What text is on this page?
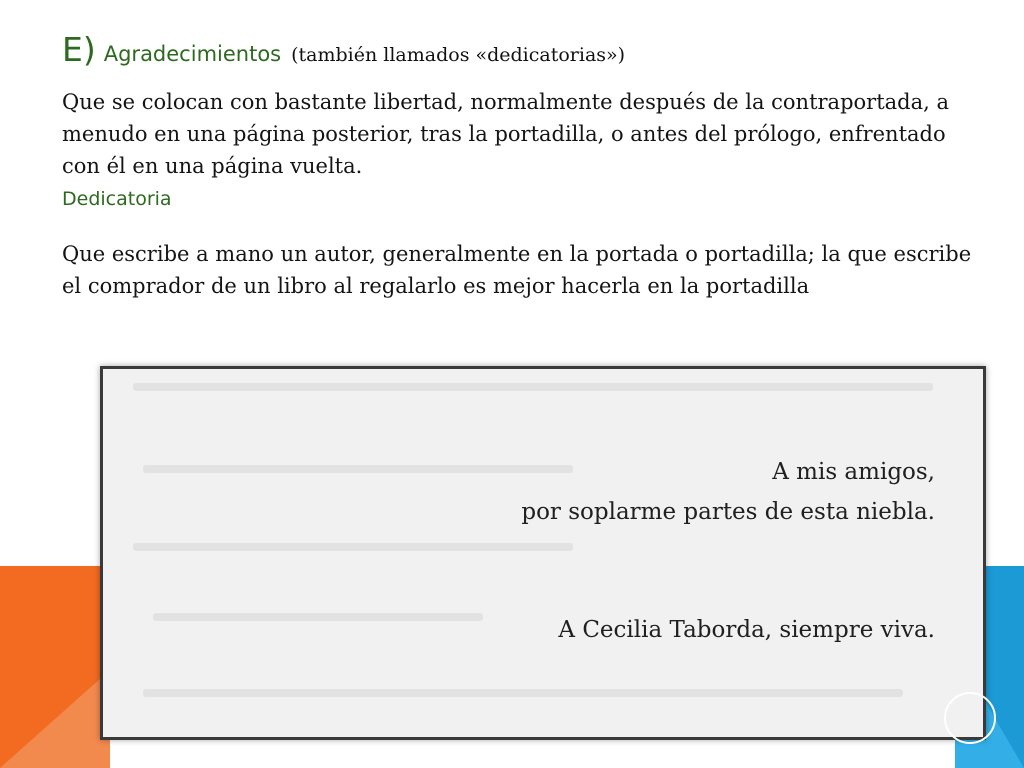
E) Agradecimientos (también llamados «dedicatorias»)

Que se colocan con bastante libertad, normalmente después de la contraportada, a menudo en una página posterior, tras la portadilla, o antes del prólogo, enfrentado con él en una página vuelta.

Dedicatoria

Que escribe a mano un autor, generalmente en la portada o portadilla; la que escribe el comprador de un libro al regalarlo es mejor hacerla en la portadilla

A mis amigos,
por soplarme partes de esta niebla.
A Cecilia Taborda, siempre viva.
